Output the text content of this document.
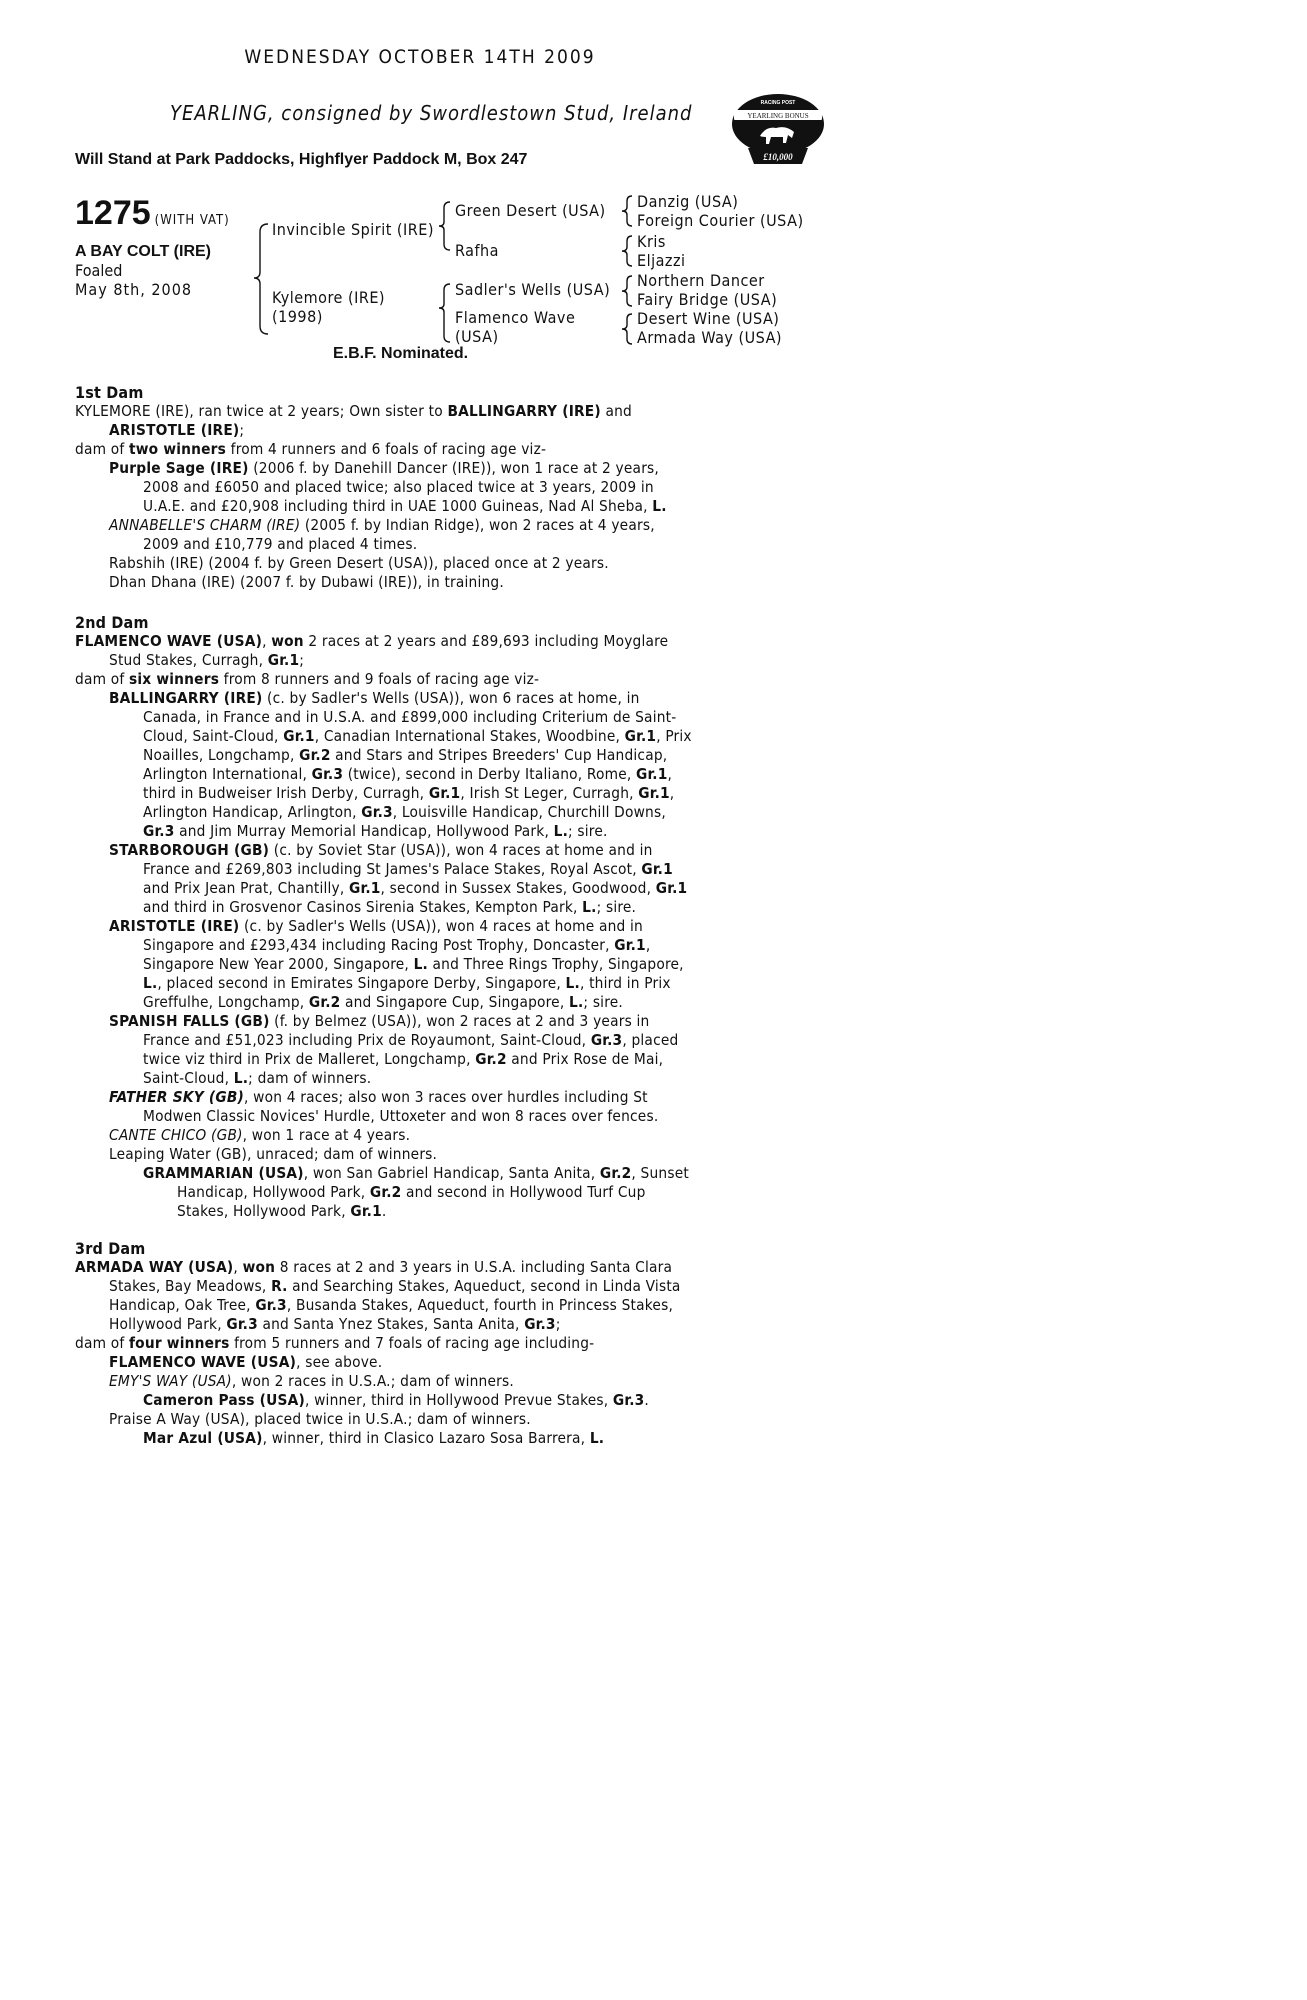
WEDNESDAY OCTOBER 14TH 2009
YEARLING, consigned by Swordlestown Stud, Ireland
Will Stand at Park Paddocks, Highflyer Paddock M, Box 247
YEARLING BONUS
RACING POST
£10,000
1275 (WITH VAT)
A BAY COLT (IRE)
Foaled
May 8th, 2008
Invincible Spirit (IRE)
Kylemore (IRE)
(1998)
Green Desert (USA)
Rafha
Sadler's Wells (USA)
Flamenco Wave
(USA)
Danzig (USA)
Foreign Courier (USA)
Kris
Eljazzi
Northern Dancer
Fairy Bridge (USA)
Desert Wine (USA)
Armada Way (USA)
E.B.F. Nominated.
1st Dam
KYLEMORE (IRE), ran twice at 2 years; Own sister to BALLINGARRY (IRE) and
ARISTOTLE (IRE);
dam of two winners from 4 runners and 6 foals of racing age viz-
Purple Sage (IRE) (2006 f. by Danehill Dancer (IRE)), won 1 race at 2 years,
2008 and £6050 and placed twice; also placed twice at 3 years, 2009 in
U.A.E. and £20,908 including third in UAE 1000 Guineas, Nad Al Sheba, L.
ANNABELLE'S CHARM (IRE) (2005 f. by Indian Ridge), won 2 races at 4 years,
2009 and £10,779 and placed 4 times.
Rabshih (IRE) (2004 f. by Green Desert (USA)), placed once at 2 years.
Dhan Dhana (IRE) (2007 f. by Dubawi (IRE)), in training.
2nd Dam
FLAMENCO WAVE (USA), won 2 races at 2 years and £89,693 including Moyglare
Stud Stakes, Curragh, Gr.1;
dam of six winners from 8 runners and 9 foals of racing age viz-
BALLINGARRY (IRE) (c. by Sadler's Wells (USA)), won 6 races at home, in
Canada, in France and in U.S.A. and £899,000 including Criterium de Saint-
Cloud, Saint-Cloud, Gr.1, Canadian International Stakes, Woodbine, Gr.1, Prix
Noailles, Longchamp, Gr.2 and Stars and Stripes Breeders' Cup Handicap,
Arlington International, Gr.3 (twice), second in Derby Italiano, Rome, Gr.1,
third in Budweiser Irish Derby, Curragh, Gr.1, Irish St Leger, Curragh, Gr.1,
Arlington Handicap, Arlington, Gr.3, Louisville Handicap, Churchill Downs,
Gr.3 and Jim Murray Memorial Handicap, Hollywood Park, L.; sire.
STARBOROUGH (GB) (c. by Soviet Star (USA)), won 4 races at home and in
France and £269,803 including St James's Palace Stakes, Royal Ascot, Gr.1
and Prix Jean Prat, Chantilly, Gr.1, second in Sussex Stakes, Goodwood, Gr.1
and third in Grosvenor Casinos Sirenia Stakes, Kempton Park, L.; sire.
ARISTOTLE (IRE) (c. by Sadler's Wells (USA)), won 4 races at home and in
Singapore and £293,434 including Racing Post Trophy, Doncaster, Gr.1,
Singapore New Year 2000, Singapore, L. and Three Rings Trophy, Singapore,
L., placed second in Emirates Singapore Derby, Singapore, L., third in Prix
Greffulhe, Longchamp, Gr.2 and Singapore Cup, Singapore, L.; sire.
SPANISH FALLS (GB) (f. by Belmez (USA)), won 2 races at 2 and 3 years in
France and £51,023 including Prix de Royaumont, Saint-Cloud, Gr.3, placed
twice viz third in Prix de Malleret, Longchamp, Gr.2 and Prix Rose de Mai,
Saint-Cloud, L.; dam of winners.
FATHER SKY (GB), won 4 races; also won 3 races over hurdles including St
Modwen Classic Novices' Hurdle, Uttoxeter and won 8 races over fences.
CANTE CHICO (GB), won 1 race at 4 years.
Leaping Water (GB), unraced; dam of winners.
GRAMMARIAN (USA), won San Gabriel Handicap, Santa Anita, Gr.2, Sunset
Handicap, Hollywood Park, Gr.2 and second in Hollywood Turf Cup
Stakes, Hollywood Park, Gr.1.
3rd Dam
ARMADA WAY (USA), won 8 races at 2 and 3 years in U.S.A. including Santa Clara
Stakes, Bay Meadows, R. and Searching Stakes, Aqueduct, second in Linda Vista
Handicap, Oak Tree, Gr.3, Busanda Stakes, Aqueduct, fourth in Princess Stakes,
Hollywood Park, Gr.3 and Santa Ynez Stakes, Santa Anita, Gr.3;
dam of four winners from 5 runners and 7 foals of racing age including-
FLAMENCO WAVE (USA), see above.
EMY'S WAY (USA), won 2 races in U.S.A.; dam of winners.
Cameron Pass (USA), winner, third in Hollywood Prevue Stakes, Gr.3.
Praise A Way (USA), placed twice in U.S.A.; dam of winners.
Mar Azul (USA), winner, third in Clasico Lazaro Sosa Barrera, L.
